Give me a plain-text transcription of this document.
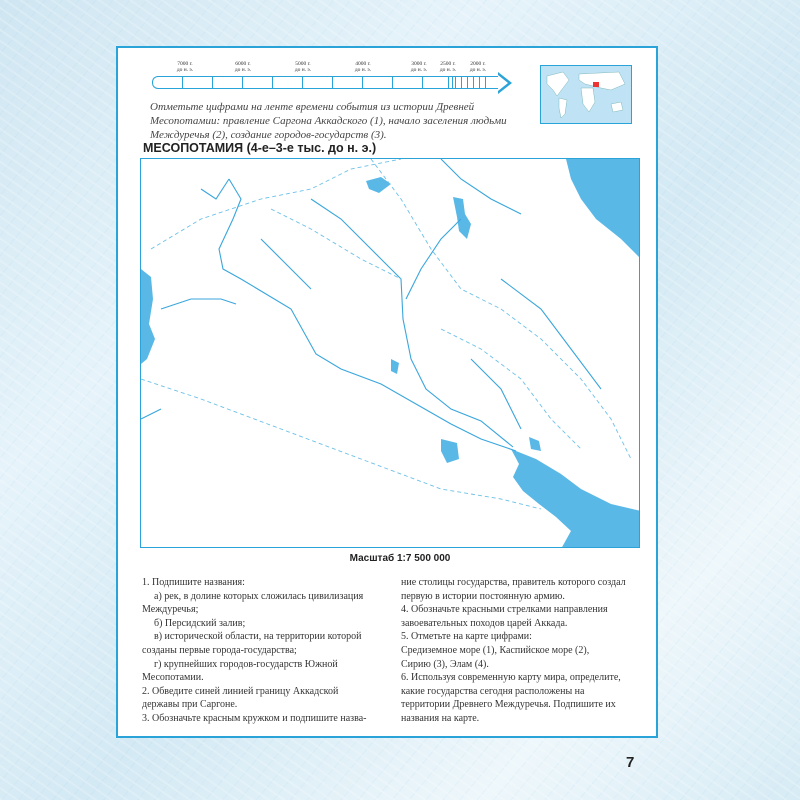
7000 г.
до н. э.
6000 г.
до н. э.
5000 г.
до н. э.
4000 г.
до н. э.
3000 г.
до н. э.
2500 г.
до н. э.
2000 г.
до н. э.
Отметьте цифрами на ленте времени события из истории Древней Месопотамии: правление Саргона Аккадского (1), начало заселения людьми Междуречья (2), создание городов-государств (3).
МЕСОПОТАМИЯ (4-е–3-е тыс. до н. э.)
Масштаб 1:7 500 000

1. Подпишите названия:

а) рек, в долине которых сложилась цивилизация Междуречья;

б) Персидский залив;

в) исторической области, на территории которой созданы первые города-государства;

г) крупнейших городов-государств Южной Месопотамии.

2. Обведите синей линией границу Аккадской державы при Саргоне.

3. Обозначьте красным кружком и подпишите назва-

ние столицы государства, правитель которого создал первую в истории постоянную армию.

4. Обозначьте красными стрелками направления завоевательных походов царей Аккада.

5. Отметьте на карте цифрами:

Средиземное море (1), Каспийское море (2),

Сирию (3), Элам (4).

6. Используя современную карту мира, определите, какие государства сегодня расположены на территории Древнего Междуречья. Подпишите их названия на карте.

7
